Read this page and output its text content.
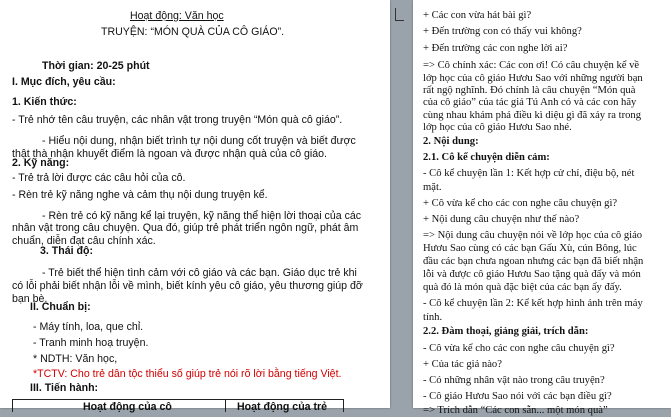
Hoạt động: Văn học
TRUYỆN: “MÓN QUÀ CỦA CÔ GIÁO”.
Thời gian: 20-25 phút
I. Mục đích, yêu cầu:
1. Kiến thức:
- Trẻ nhớ tên câu truyện, các nhân vật trong truyện “Món quà cô giáo”.
- Hiểu nội dung, nhận biết trình tự nội dung cốt truyện và biết được
thật thà nhận khuyết điểm là ngoan và được nhận quà của cô giáo.
2. Kỹ năng:
- Trẻ trả lời được các câu hỏi của cô.
- Rèn trẻ kỹ năng nghe và cảm thụ nội dung truyện kể.
- Rèn trẻ có kỹ năng kể lại truyện, kỹ năng thể hiện lời thoại của các
nhân vật trong câu chuyện. Qua đó, giúp trẻ phát triển ngôn ngữ, phát âm
chuẩn, diễn đạt câu chính xác.
3. Thái độ:
- Trẻ biết thể hiện tình cảm với cô giáo và các bạn. Giáo dục trẻ khi
có lỗi phải biết nhận lỗi về mình, biết kính yêu cô giáo, yêu thương giúp đỡ
bạn bè.
II. Chuẩn bị:
- Máy tính, loa, que chỉ.
- Tranh minh hoạ truyện.
* NDTH: Văn học,
*TCTV: Cho trẻ dân tộc thiểu số giúp trẻ nói rõ lời bằng tiếng Việt.
III. Tiến hành:
Hoạt động của cô	Hoạt động của trẻ
+ Các con vừa hát bài gì?
+ Đến trường con có thấy vui không?
+ Đến trường các con nghe lời ai?
=> Cô chính xác: Các con ơi! Có câu chuyện kể về
lớp học của cô giáo Hươu Sao với những người bạn
rất ngộ nghĩnh. Đó chính là câu chuyện “Món quà
của cô giáo” của tác giả Tú Anh có và các con hãy
cùng nhau khám phá điều kì diệu gì đã xảy ra trong
lớp học của cô giáo Hươu Sao nhé.
2. Nội dung:
2.1. Cô kể chuyện diễn cảm:
- Cô kể chuyện lần 1: Kết hợp cử chỉ, điệu bộ, nét
mặt.
+ Cô vừa kể cho các con nghe câu chuyện gì?
+ Nội dung câu chuyện như thế nào?
=> Nội dung câu chuyện nói về lớp học của cô giáo
Hươu Sao cùng có các bạn Gấu Xù, cún Bông, lúc
đầu các bạn chưa ngoan nhưng các bạn đã biết nhận
lỗi và được cô giáo Hươu Sao tặng quà đấy và món
quà đó là món quà đặc biệt của các bạn ấy đấy.
- Cô kể chuyện lần 2: Kể kết hợp hình ảnh trên máy
tính.
2.2. Đàm thoại, giảng giải, trích dẫn:
- Cô vừa kể cho các con nghe câu chuyện gì?
+ Của tác giả nào?
- Có những nhân vật nào trong câu truyện?
- Cô giáo Hươu Sao nói với các bạn điều gì?
=> Trích dẫn “Các con sẵn... một món quà”
